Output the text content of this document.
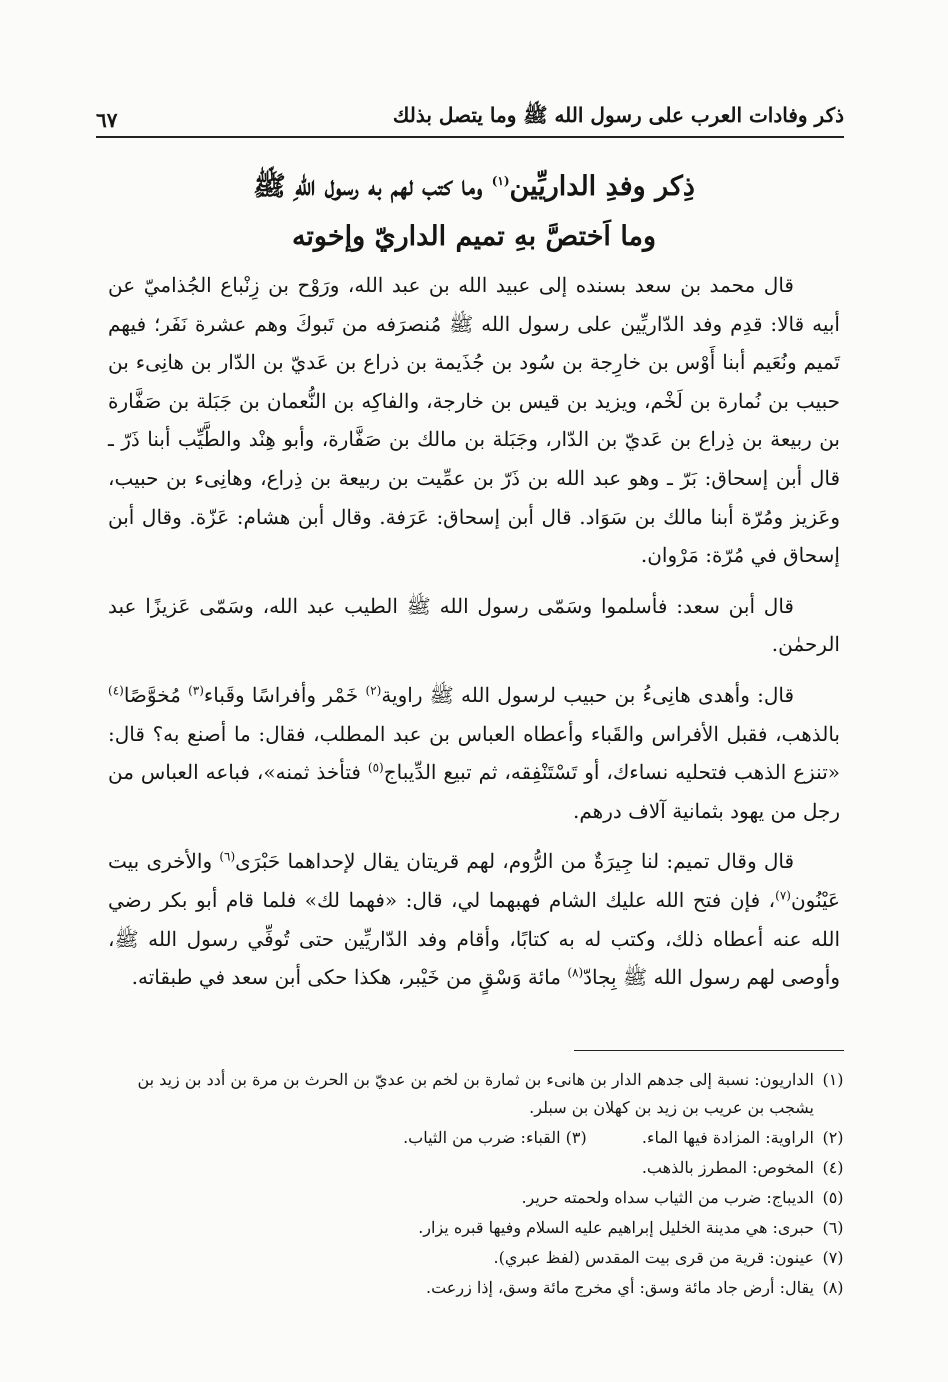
ذكر وفادات العرب على رسول الله ﷺ وما يتصل بذلك
٦٧
ذِكر وفدِ الداريِّين$^{(١)}$ وما كتب لهم به رسول اللّهِ ﷺ
وما اَختصَّ بهِ تميم الداريّ وإخوته

قال محمد بن سعد بسنده إلى عبيد الله بن عبد الله، ورَوْح بن زِنْباع الجُذاميّ عن أبيه قالا: قدِم وفد الدّاريِّين على رسول الله ﷺ مُنصرَفه من تَبوكَ وهم عشرة نَفَر؛ فيهم تَميم ونُعَيم أبنا أَوْس بن خارِجة بن سُود بن جُذَيمة بن ذراع بن عَديّ بن الدّار بن هانِىء بن حبيب بن نُمارة بن لَخْم، ويزيد بن قيس بن خارجة، والفاكِه بن النُّعمان بن جَبَلة بن صَفَّارة بن ربيعة بن ذِراع بن عَديّ بن الدّار، وجَبَلة بن مالك بن صَفَّارة، وأبو هِنْد والطَّيِّب أبنا ذَرّ ـ قال أبن إسحاق: بَرّ ـ وهو عبد الله بن ذَرّ بن عمِّيت بن ربيعة بن ذِراع، وهانِىء بن حبيب، وعَزيز ومُرّة أبنا مالك بن سَوَاد. قال أبن إسحاق: عَرَفة. وقال أبن هشام: عَزّة. وقال أبن إسحاق في مُرّة: مَرْوان.

قال أبن سعد: فأسلموا وسَمّى رسول الله ﷺ الطيب عبد الله، وسَمّى عَزيزًا عبد الرحمٰن.

قال: وأهدى هانِىءُ بن حبيب لرسول الله ﷺ راوية$^{(٢)}$ خَمْر وأفراسًا وقَباء$^{(٣)}$ مُخوَّصًا$^{(٤)}$ بالذهب، فقبل الأفراس والقَباء وأعطاه العباس بن عبد المطلب، فقال: ما أصنع به؟ قال: «تنزع الذهب فتحليه نساءك، أو تَسْتَنْفِقه، ثم تبيع الدِّيباج$^{(٥)}$ فتأخذ ثمنه»، فباعه العباس من رجل من يهود بثمانية آلاف درهم.

قال وقال تميم: لنا جِيرَةٌ من الرُّوم، لهم قريتان يقال لإحداهما حَبْرَى$^{(٦)}$ والأخرى بيت عَيْنُون$^{(٧)}$، فإن فتح الله عليك الشام فهبهما لي، قال: «فهما لك» فلما قام أبو بكر رضي الله عنه أعطاه ذلك، وكتب له به كتابًا، وأقام وفد الدّاريِّين حتى تُوفِّي رسول الله ﷺ، وأوصى لهم رسول الله ﷺ بِجادّ$^{(٨)}$ مائة وَسْقٍ من خَيْبر، هكذا حكى أبن سعد في طبقاته.

(١)
الداريون: نسبة إلى جدهم الدار بن هانىء بن ثمارة بن لخم بن عديّ بن الحرث بن مرة بن أدد بن زيد بن يشجب بن عريب بن زيد بن كهلان بن سبلر.
(٢)
الراوية: المزادة فيها الماء. (٣) القباء: ضرب من الثياب.
(٤)
المخوص: المطرز بالذهب.
(٥)
الديباج: ضرب من الثياب سداه ولحمته حرير.
(٦)
حبرى: هي مدينة الخليل إبراهيم عليه السلام وفيها قبره يزار.
(٧)
عينون: قرية من قرى بيت المقدس (لفظ عبري).
(٨)
يقال: أرض جاد مائة وسق: أي مخرج مائة وسق، إذا زرعت.
